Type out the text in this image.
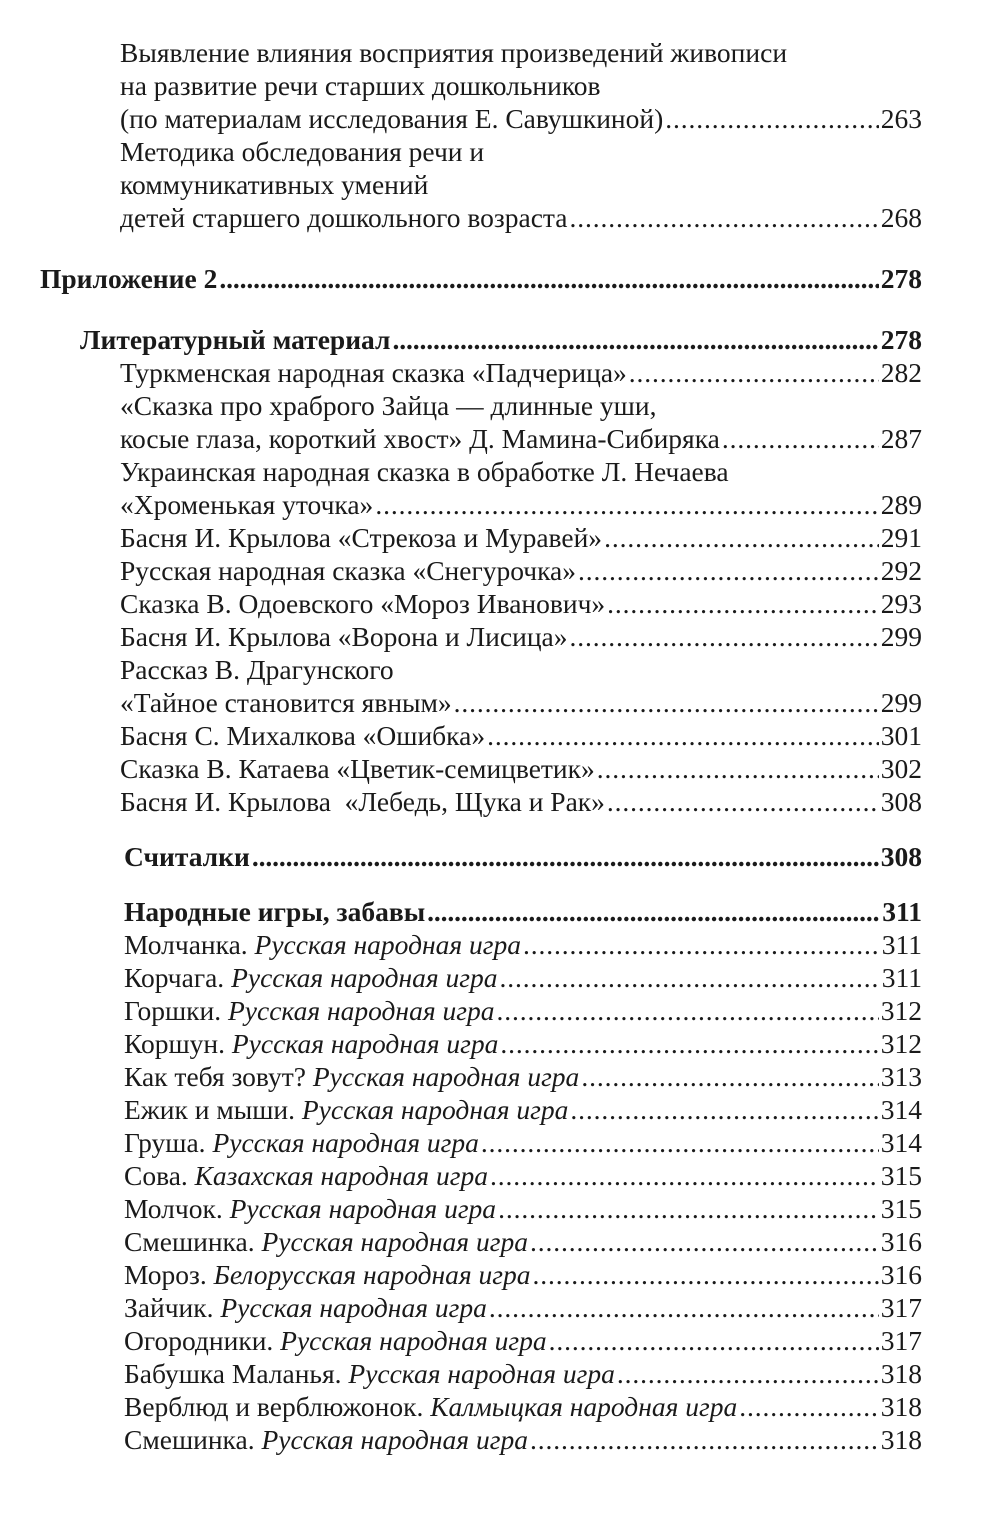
Выявление влияния восприятия произведений живописи
на развитие речи старших дошкольников
(по материалам исследования Е. Савушкиной) . . .	263
Методика обследования речи и
коммуникативных умений
детей старшего дошкольного возраста . . .	268
Приложение 2 . . .	278
Литературный материал . . .	278
Туркменская народная сказка «Падчерица» . . .	282
«Сказка про храброго Зайца — длинные уши,
косые глаза, короткий хвост» Д. Мамина-Сибиряка . . .	287
Украинская народная сказка в обработке Л. Нечаева
«Хроменькая уточка» . . .	289
Басня И. Крылова «Стрекоза и Муравей» . . .	291
Русская народная сказка «Снегурочка» . . .	292
Сказка В. Одоевского «Мороз Иванович» . . .	293
Басня И. Крылова «Ворона и Лисица» . . .	299
Рассказ В. Драгунского
«Тайное становится явным» . . .	299
Басня С. Михалкова «Ошибка» . . .	301
Сказка В. Катаева «Цветик-семицветик» . . .	302
Басня И. Крылова  «Лебедь, Щука и Рак» . . .	308
Считалки . . .	308
Народные игры, забавы . . .	311
Молчанка. Русская народная игра . . .	311
Корчага. Русская народная игра . . .	311
Горшки. Русская народная игра . . .	312
Коршун. Русская народная игра . . .	312
Как тебя зовут? Русская народная игра . . .	313
Ежик и мыши. Русская народная игра . . .	314
Груша. Русская народная игра . . .	314
Сова. Казахская народная игра . . .	315
Молчок. Русская народная игра . . .	315
Смешинка. Русская народная игра . . .	316
Мороз. Белорусская народная игра . . .	316
Зайчик. Русская народная игра . . .	317
Огородники. Русская народная игра . . .	317
Бабушка Маланья. Русская народная игра . . .	318
Верблюд и верблюжонок. Калмыцкая народная игра . . .	318
Смешинка. Русская народная игра . . .	318
